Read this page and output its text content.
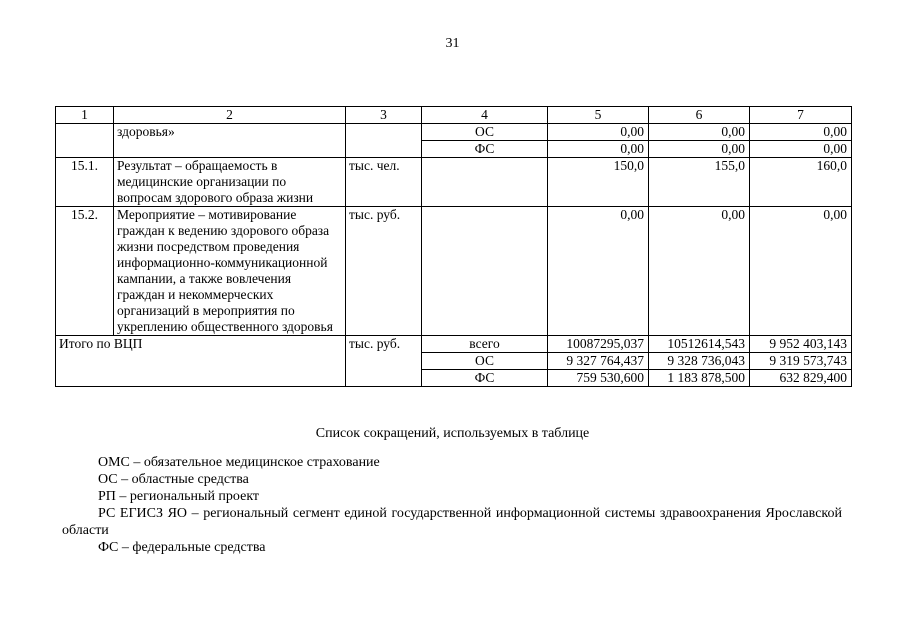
31
1	2	3	4	5	6	7
	здоровья»		ОС	0,00	0,00	0,00
			ФС	0,00	0,00	0,00
15.1.	Результат – обращаемость в медицинские организации по вопросам здорового образа жизни	тыс. чел.		150,0	155,0	160,0
15.2.	Мероприятие – мотивирование граждан к ведению здорового образа жизни посредством проведения информационно-коммуникационной кампании, а также вовлечения граждан и некоммерческих организаций в мероприятия по укреплению общественного здоровья	тыс. руб.		0,00	0,00	0,00
Итого по ВЦП		тыс. руб.	всего	10087295,037	10512614,543	9 952 403,143
			ОС	9 327 764,437	9 328 736,043	9 319 573,743
			ФС	759 530,600	1 183 878,500	632 829,400
Список сокращений, используемых в таблице

ОМС – обязательное медицинское страхование

ОС – областные средства

РП – региональный проект

РС ЕГИСЗ ЯО – региональный сегмент единой государственной информационной системы здравоохранения Ярославской области

ФС – федеральные средства
